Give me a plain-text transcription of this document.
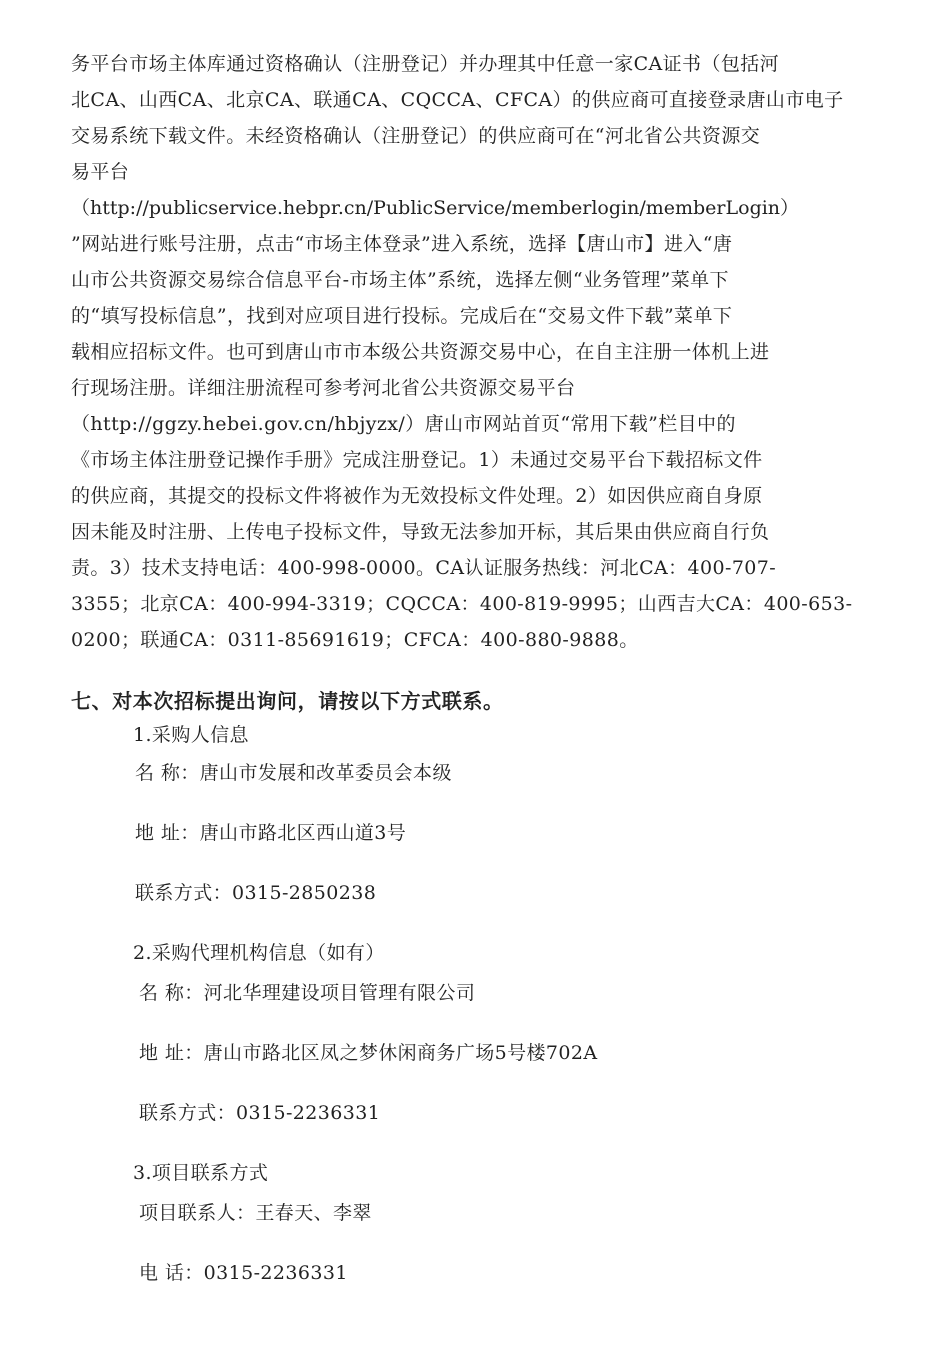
务平台市场主体库通过资格确认（注册登记）并办理其中任意一家CA证书（包括河
北CA、山西CA、北京CA、联通CA、CQCCA、CFCA）的供应商可直接登录唐山市电子
交易系统下载文件。未经资格确认（注册登记）的供应商可在“河北省公共资源交
易平台
（http://publicservice.hebpr.cn/PublicService/memberlogin/memberLogin）
”网站进行账号注册，点击“市场主体登录”进入系统，选择【唐山市】进入“唐
山市公共资源交易综合信息平台-市场主体”系统，选择左侧“业务管理”菜单下
的“填写投标信息”，找到对应项目进行投标。完成后在“交易文件下载”菜单下
载相应招标文件。也可到唐山市市本级公共资源交易中心，在自主注册一体机上进
行现场注册。详细注册流程可参考河北省公共资源交易平台
（http://ggzy.hebei.gov.cn/hbjyzx/）唐山市网站首页“常用下载”栏目中的
《市场主体注册登记操作手册》完成注册登记。1）未通过交易平台下载招标文件
的供应商，其提交的投标文件将被作为无效投标文件处理。2）如因供应商自身原
因未能及时注册、上传电子投标文件，导致无法参加开标，其后果由供应商自行负
责。3）技术支持电话：400-998-0000。CA认证服务热线：河北CA：400-707-
3355；北京CA：400-994-3319；CQCCA：400-819-9995；山西吉大CA：400-653-
0200；联通CA：0311-85691619；CFCA：400-880-9888。
七、对本次招标提出询问，请按以下方式联系。
1.采购人信息
名 称：唐山市发展和改革委员会本级
地 址：唐山市路北区西山道3号
联系方式：0315-2850238
2.采购代理机构信息（如有）
名 称：河北华理建设项目管理有限公司
地 址：唐山市路北区凤之梦休闲商务广场5号楼702A
联系方式：0315-2236331
3.项目联系方式
项目联系人：王春天、李翠
电 话：0315-2236331
